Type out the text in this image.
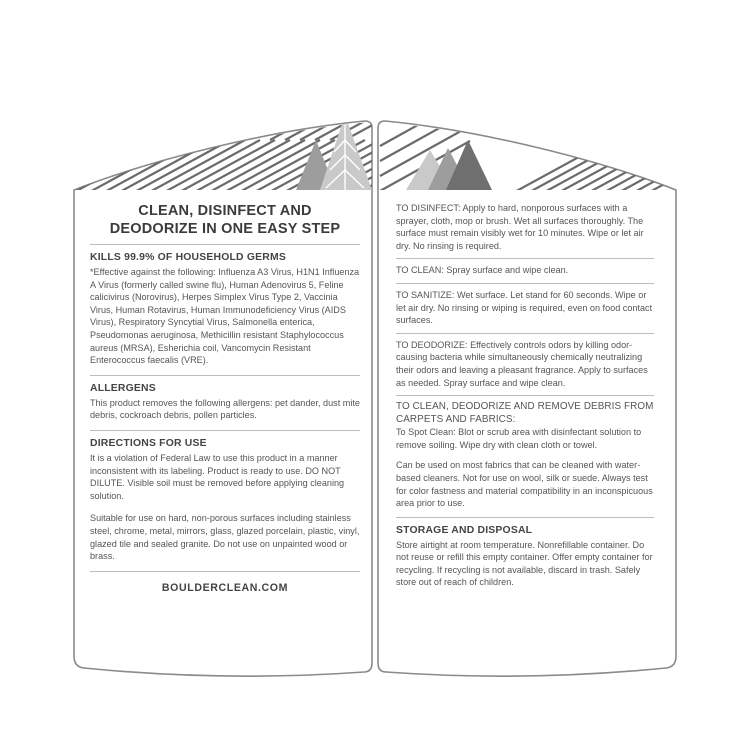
CLEAN, DISINFECT AND
DEODORIZE IN ONE EASY STEP
KILLS 99.9% OF HOUSEHOLD GERMS

*Effective against the following: Influenza A3 Virus, H1N1 Influenza A Virus (formerly called swine flu), Human Adenovirus 5, Feline calicivirus (Norovirus), Herpes Simplex Virus Type 2, Vaccinia Virus, Human Rotavirus, Human Immunodeficiency Virus (AIDS Virus), Respiratory Syncytial Virus, Salmonella enterica, Pseudomonas aeruginosa, Methicillin resistant Staphylococcus aureus (MRSA), Esherichia coil, Vancomycin Resistant Enterococcus faecalis (VRE).

ALLERGENS

This product removes the following allergens: pet dander, dust mite debris, cockroach debris, pollen particles.

DIRECTIONS FOR USE

It is a violation of Federal Law to use this product in a manner inconsistent with its labeling. Product is ready to use. DO NOT DILUTE. Visible soil must be removed before applying cleaning solution.

Suitable for use on hard, non-porous surfaces including stainless steel, chrome, metal, mirrors, glass, glazed porcelain, plastic, vinyl, glazed tile and sealed granite. Do not use on unpainted wood or brass.

BOULDERCLEAN.COM

TO DISINFECT: Apply to hard, nonporous surfaces with a sprayer, cloth, mop or brush. Wet all surfaces thoroughly. The surface must remain visibly wet for 10 minutes. Wipe or let air dry. No rinsing is required.

TO CLEAN: Spray surface and wipe clean.

TO SANITIZE: Wet surface. Let stand for 60 seconds. Wipe or let air dry. No rinsing or wiping is required, even on food contact surfaces.

TO DEODORIZE: Effectively controls odors by killing odor-causing bacteria while simultaneously chemically neutralizing their odors and leaving a pleasant fragrance. Apply to surfaces as needed. Spray surface and wipe clean.

TO CLEAN, DEODORIZE AND REMOVE DEBRIS FROM CARPETS AND FABRICS:

To Spot Clean: Blot or scrub area with disinfectant solution to remove soiling. Wipe dry with clean cloth or towel.

Can be used on most fabrics that can be cleaned with water-based cleaners. Not for use on wool, silk or suede. Always test for color fastness and material compatibility in an inconspicuous area prior to use.

STORAGE AND DISPOSAL

Store airtight at room temperature. Nonrefillable container. Do not reuse or refill this empty container. Offer empty container for recycling. If recycling is not available, discard in trash. Safely store out of reach of children.
